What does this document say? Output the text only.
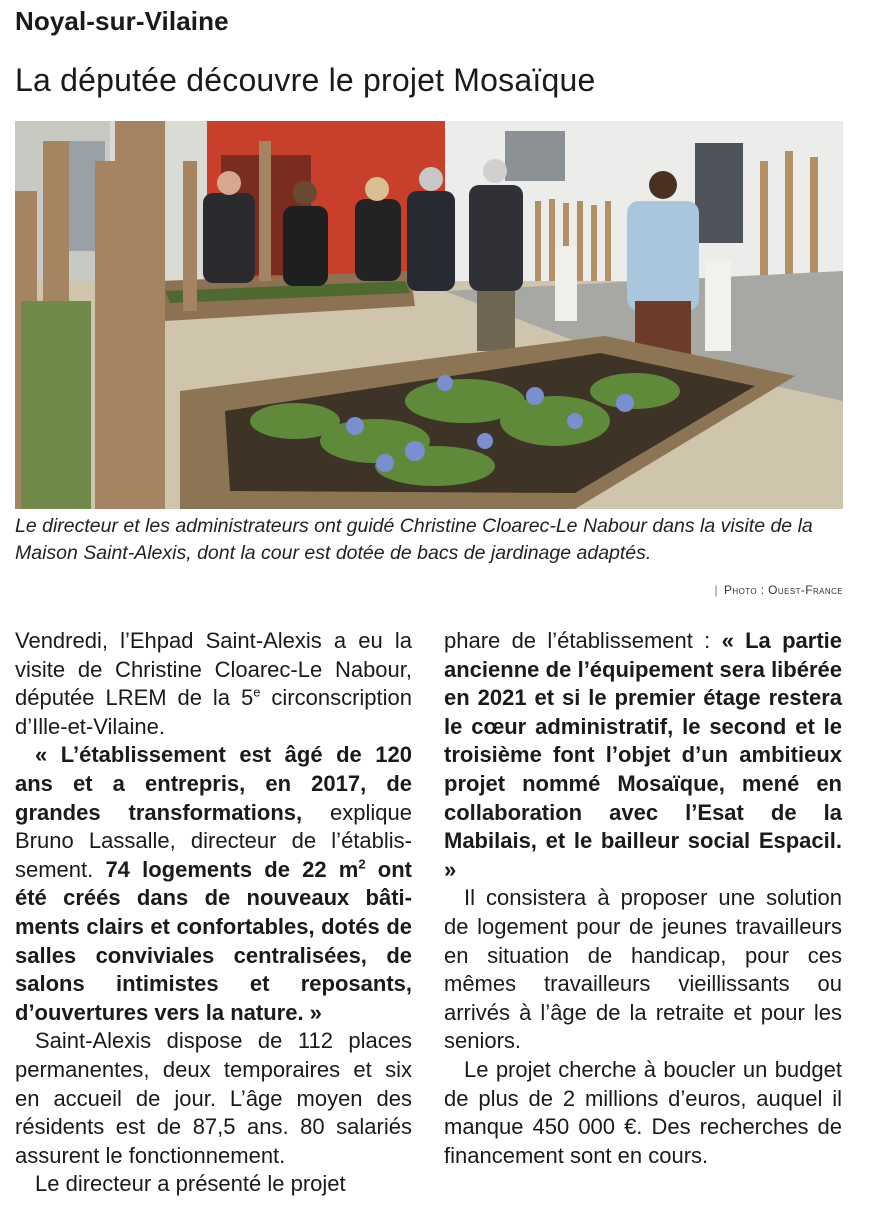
Noyal-sur-Vilaine
La députée découvre le projet Mosaïque

Le directeur et les administrateurs ont guidé Christine Cloarec-Le Nabour dans la visite de la Maison Saint-Alexis, dont la cour est dotée de bacs de jardinage adaptés.

| Photo : Ouest-France

Vendredi, l’Ehpad Saint-Alexis a eu la visite de Christine Cloarec-Le Nabour, députée LREM de la 5e circonscription d’Ille-et-Vilaine.

« L’établissement est âgé de 120 ans et a entrepris, en 2017, de grandes transformations, explique Bruno Lassalle, directeur de l’établissement. 74 logements de 22 $m^2$ ont été créés dans de nouveaux bâtiments clairs et confortables, dotés de salles conviviales centralisées, de salons intimistes et reposants, d’ouvertures vers la nature. »

Saint-Alexis dispose de 112 places permanentes, deux temporaires et six en accueil de jour. L’âge moyen des résidents est de 87,5 ans. 80 salariés assurent le fonctionnement.

Le directeur a présenté le projet

phare de l’établissement : « La partie ancienne de l’équipement sera libérée en 2021 et si le premier étage restera le cœur administratif, le second et le troisième font l’objet d’un ambitieux projet nommé Mosaïque, mené en collaboration avec l’Esat de la Mabilais, et le bailleur social Espacil. »

Il consistera à proposer une solution de logement pour de jeunes travailleurs en situation de handicap, pour ces mêmes travailleurs vieillissants ou arrivés à l’âge de la retraite et pour les seniors.

Le projet cherche à boucler un budget de plus de 2 millions d’euros, auquel il manque 450 000 €. Des recherches de financement sont en cours.
